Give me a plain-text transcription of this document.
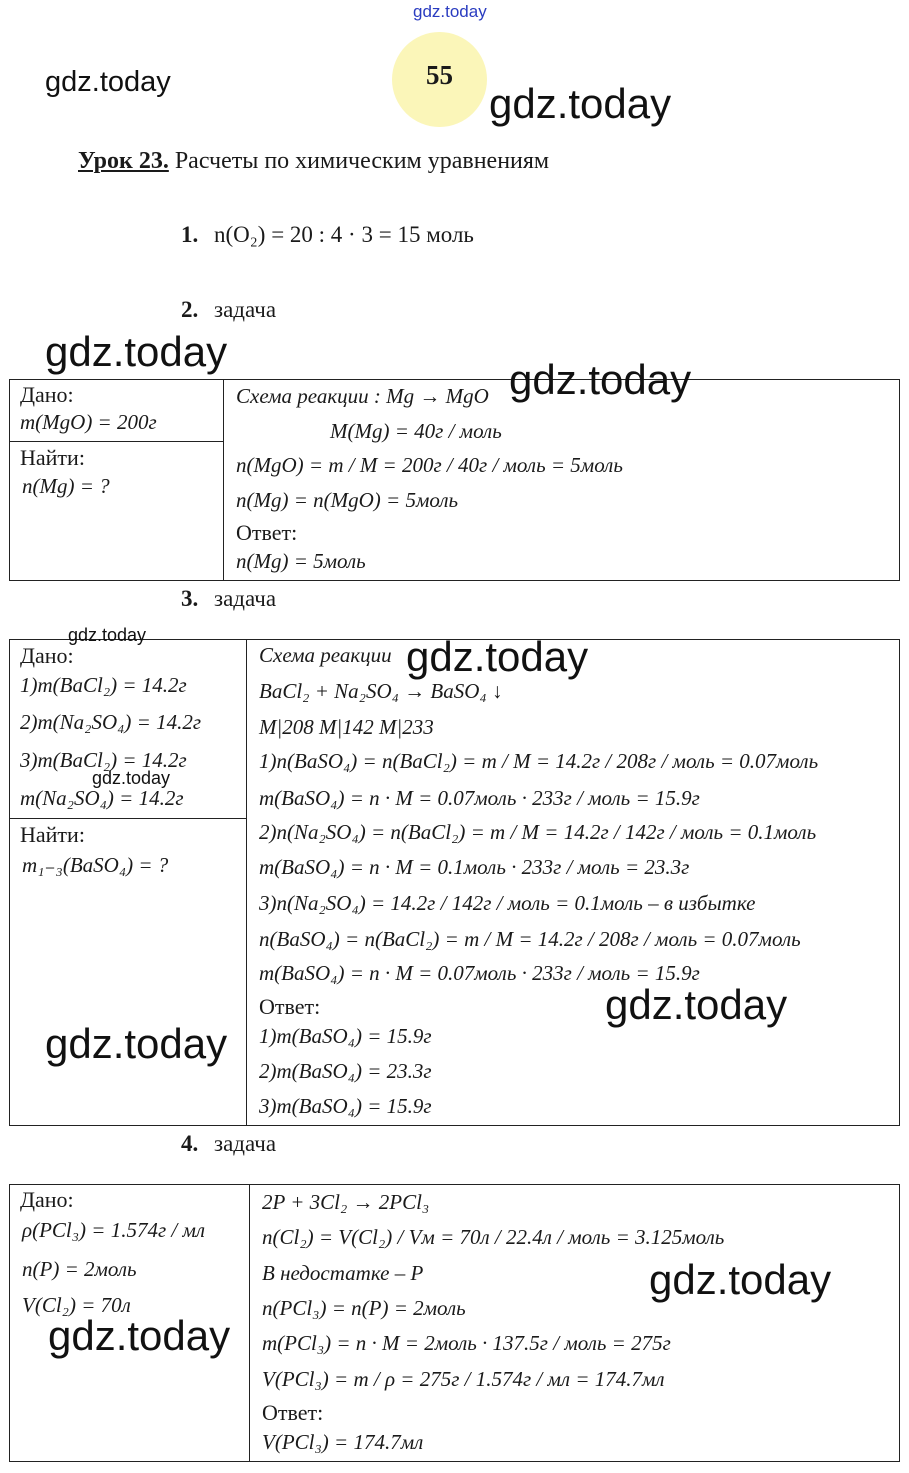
gdz.today
gdz.today	gdz.today
55
Урок 23. Расчеты по химическим уравнениям
1. n(O₂) = 20 : 4 · 3 = 15 моль
2. задача
gdz.today
Дано:
m(MgO) = 200г
Найти:
n(Mg) = ?
Схема реакции : Mg → MgO gdz.today
M(Mg) = 40г / моль
n(MgO) = m / M = 200г / 40г / моль = 5моль
n(Mg) = n(MgO) = 5моль
Ответ:
n(Mg) = 5моль
3. задача
gdz.today
Дано:
1)m(BaCl₂) = 14.2г
2)m(Na₂SO₄) = 14.2г
3)m(BaCl₂) = 14.2г
gdz.today
m(Na₂SO₄) = 14.2г
Найти:
m₁₋₃(BaSO₄) = ?
Схема реакции gdz.today
BaCl₂ + Na₂SO₄ → BaSO₄ ↓
M|208 M|142 M|233
1)n(BaSO₄) = n(BaCl₂) = m / M = 14.2г / 208г / моль = 0.07моль
m(BaSO₄) = n · M = 0.07моль · 233г / моль = 15.9г
2)n(Na₂SO₄) = n(BaCl₂) = m / M = 14.2г / 142г / моль = 0.1моль
m(BaSO₄) = n · M = 0.1моль · 233г / моль = 23.3г
3)n(Na₂SO₄) = 14.2г / 142г / моль = 0.1моль – в избытке
n(BaSO₄) = n(BaCl₂) = m / M = 14.2г / 208г / моль = 0.07моль
m(BaSO₄) = n · M = 0.07моль · 233г / моль = 15.9г
gdz.today
Ответ:
gdz.today 1)m(BaSO₄) = 15.9г
2)m(BaSO₄) = 23.3г
3)m(BaSO₄) = 15.9г
4. задача
Дано:
ρ(PCl₃) = 1.574г / мл
n(P) = 2моль
V(Cl₂) = 70л
gdz.today
2P + 3Cl₂ → 2PCl₃
n(Cl₂) = V(Cl₂) / Vм = 70л / 22.4л / моль = 3.125моль
В недостатке – P	gdz.today
n(PCl₃) = n(P) = 2моль
m(PCl₃) = n · M = 2моль · 137.5г / моль = 275г
V(PCl₃) = m / ρ = 275г / 1.574г / мл = 174.7мл
Ответ:
V(PCl₃) = 174.7мл
